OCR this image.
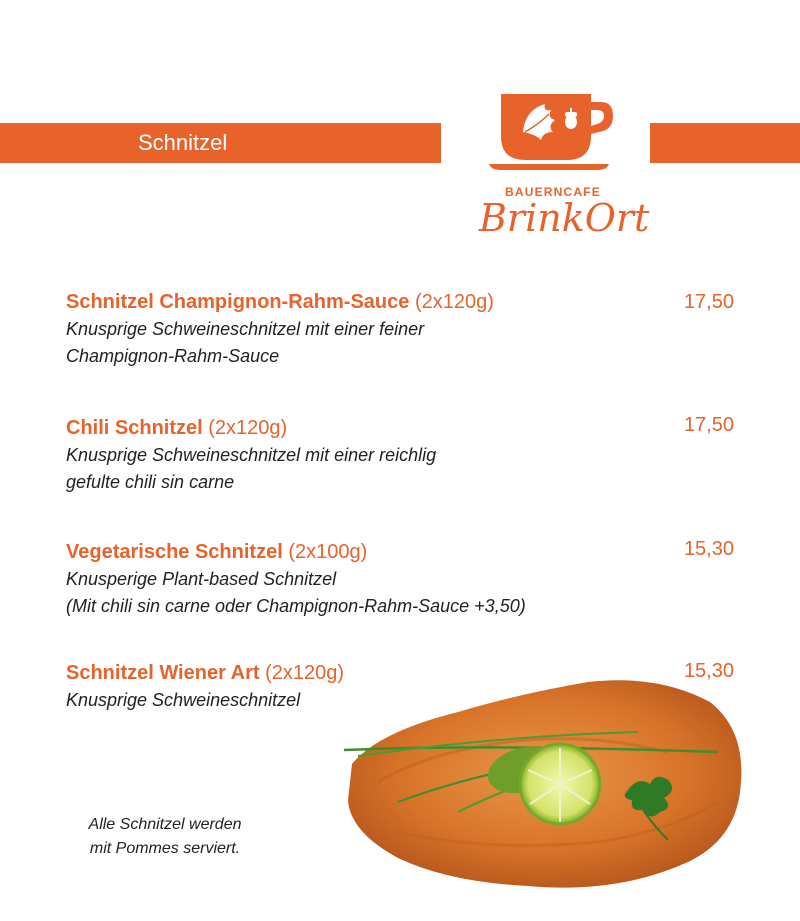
Schnitzel
BAUERNCAFE
BrinkOrt
Schnitzel Champignon-Rahm-Sauce (2x120g)
Knusprige Schweineschnitzel mit einer feiner
Champignon-Rahm-Sauce
17,50
Chili Schnitzel (2x120g)
Knusprige Schweineschnitzel mit einer reichlig
gefulte chili sin carne
17,50
Vegetarische Schnitzel (2x100g)
Knusperige Plant-based Schnitzel
(Mit chili sin carne oder Champignon-Rahm-Sauce +3,50)
15,30
Schnitzel Wiener Art (2x120g)
Knusprige Schweineschnitzel
15,30
Alle Schnitzel werden
mit Pommes serviert.
